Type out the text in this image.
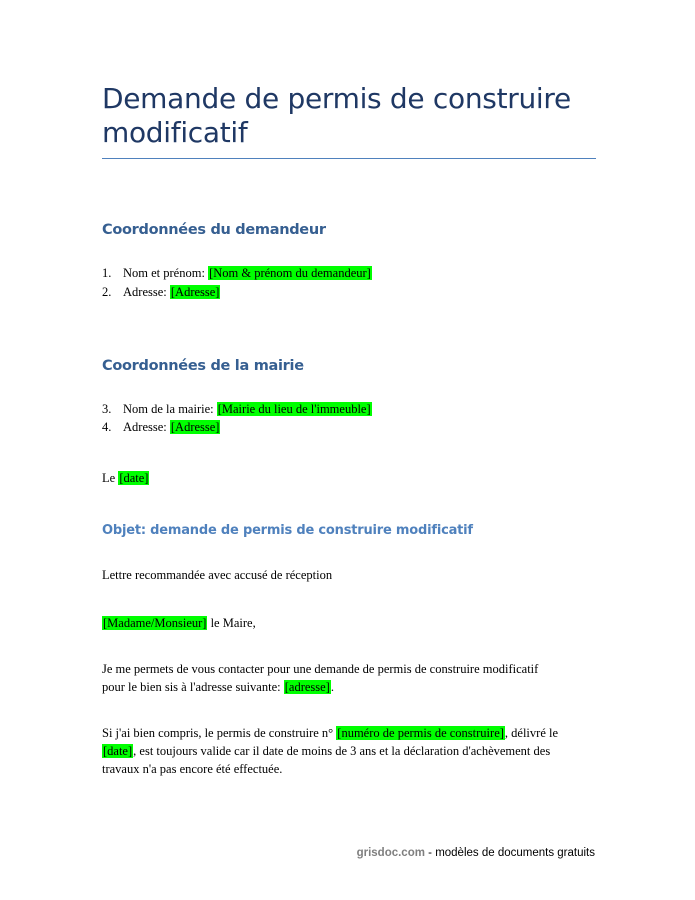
Demande de permis de construire modificatif
Coordonnées du demandeur
1. Nom et prénom: [Nom & prénom du demandeur]
2. Adresse: [Adresse]
Coordonnées de la mairie
3. Nom de la mairie: [Mairie du lieu de l'immeuble]
4. Adresse: [Adresse]
Le [date]
Objet: demande de permis de construire modificatif
Lettre recommandée avec accusé de réception
[Madame/Monsieur] le Maire,
Je me permets de vous contacter pour une demande de permis de construire modificatif
pour le bien sis à l'adresse suivante: [adresse].
Si j'ai bien compris, le permis de construire n° [numéro de permis de construire], délivré le
[date], est toujours valide car il date de moins de 3 ans et la déclaration d'achèvement des
travaux n'a pas encore été effectuée.
grisdoc.com - modèles de documents gratuits
